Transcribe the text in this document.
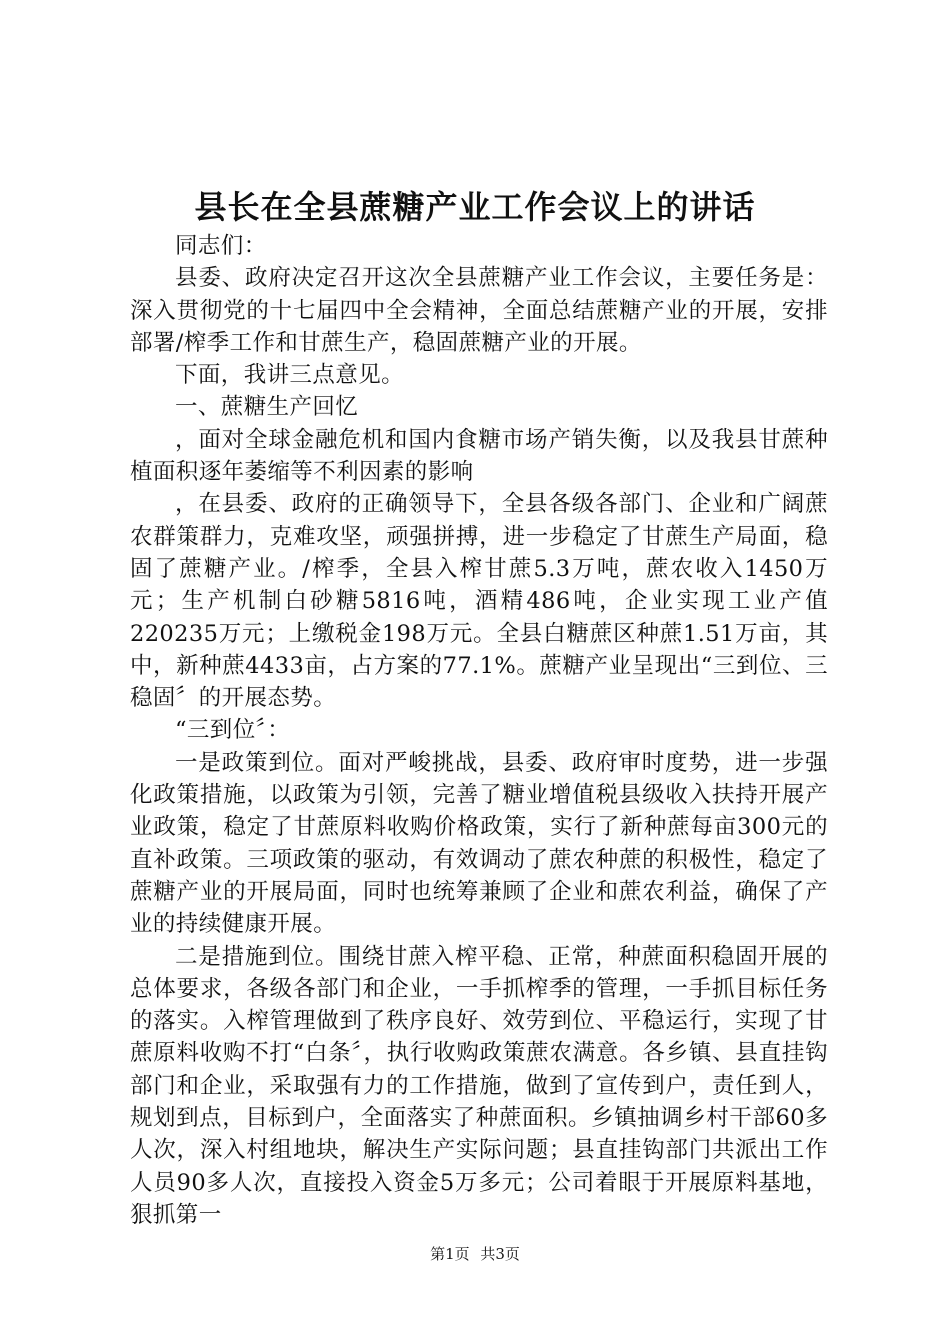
县长在全县蔗糖产业工作会议上的讲话

同志们：

县委、政府决定召开这次全县蔗糖产业工作会议，主要任务是：深入贯彻党的十七届四中全会精神，全面总结蔗糖产业的开展，安排部署/榨季工作和甘蔗生产，稳固蔗糖产业的开展。

下面，我讲三点意见。

一、蔗糖生产回忆

，面对全球金融危机和国内食糖市场产销失衡，以及我县甘蔗种植面积逐年萎缩等不利因素的影响

，在县委、政府的正确领导下，全县各级各部门、企业和广阔蔗农群策群力，克难攻坚，顽强拼搏，进一步稳定了甘蔗生产局面，稳固了蔗糖产业。/榨季，全县入榨甘蔗5.3万吨，蔗农收入1450万元；生产机制白砂糖5816吨，酒精486吨，企业实现工业产值220235万元；上缴税金198万元。全县白糖蔗区种蔗1.51万亩，其中，新种蔗4433亩，占方案的77.1%。蔗糖产业呈现出“三到位、三稳固〞的开展态势。

“三到位〞：

一是政策到位。面对严峻挑战，县委、政府审时度势，进一步强化政策措施，以政策为引领，完善了糖业增值税县级收入扶持开展产业政策，稳定了甘蔗原料收购价格政策，实行了新种蔗每亩300元的直补政策。三项政策的驱动，有效调动了蔗农种蔗的积极性，稳定了蔗糖产业的开展局面，同时也统筹兼顾了企业和蔗农利益，确保了产业的持续健康开展。

二是措施到位。围绕甘蔗入榨平稳、正常，种蔗面积稳固开展的总体要求，各级各部门和企业，一手抓榨季的管理，一手抓目标任务的落实。入榨管理做到了秩序良好、效劳到位、平稳运行，实现了甘蔗原料收购不打“白条〞，执行收购政策蔗农满意。各乡镇、县直挂钩部门和企业，采取强有力的工作措施，做到了宣传到户，责任到人，规划到点，目标到户，全面落实了种蔗面积。乡镇抽调乡村干部60多人次，深入村组地块，解决生产实际问题；县直挂钩部门共派出工作人员90多人次，直接投入资金5万多元；公司着眼于开展原料基地，狠抓第一

第1页 共3页
